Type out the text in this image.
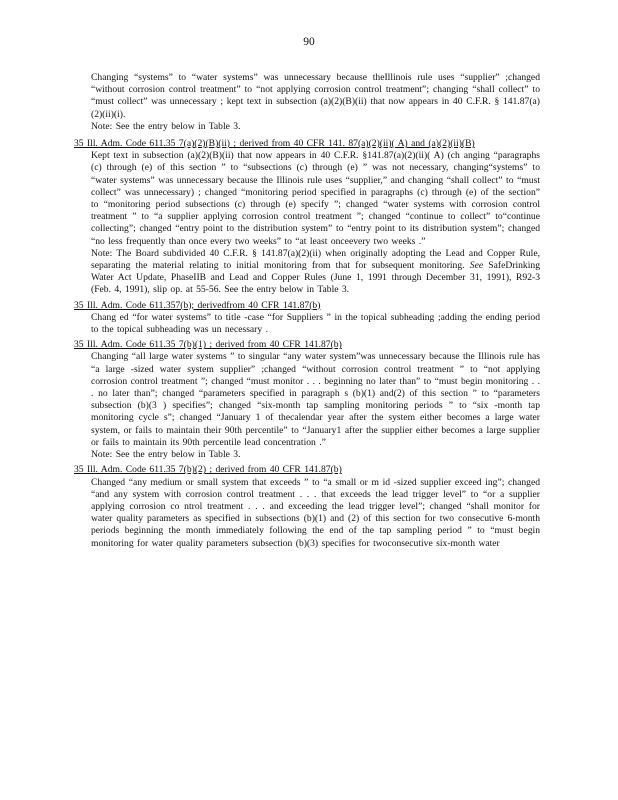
90

Changing “systems” to “water systems” was unnecessary because theIllinois rule uses “supplier” ;changed “without corrosion control treatment” to “not applying corrosion control treatment”; changing “shall collect” to “must collect” was unnecessary ; kept text in subsection (a)(2)(B)(ii) that now appears in 40 C.F.R. § 141.87(a)(2)(ii)(i).

Note: See the entry below in Table 3.

35 Ill. Adm. Code 611.35 7(a)(2)(B)(ii) ; derived from 40 CFR 141. 87(a)(2)(ii)( A) and (a)(2)(ii)(B)

Kept text in subsection (a)(2)(B)(ii) that now appears in 40 C.F.R. §141.87(a)(2)(ii)( A) (ch anging “paragraphs (c) through (e) of this section ” to “subsections (c) through (e) ” was not necessary, changing“systems” to “water systems” was unnecessary because the Illinois rule uses “supplier,” and changing “shall collect” to “must collect” was unnecessary) ; changed “monitoring period specified in paragraphs (c) through (e) of the section” to “monitoring period subsections (c) through (e) specify ”; changed “water systems with corrosion control treatment ” to “a supplier applying corrosion control treatment ”; changed “continue to collect” to“continue collecting”; changed “entry point to the distribution system” to “entry point to its distribution system”; changed “no less frequently than once every two weeks” to “at least onceevery two weeks .”

Note: The Board subdivided 40 C.F.R. § 141.87(a)(2)(ii) when originally adopting the Lead and Copper Rule, separating the material relating to initial monitoring from that for subsequent monitoring. See SafeDrinking Water Act Update, PhaseIIB and Lead and Copper Rules (June 1, 1991 through December 31, 1991), R92-3 (Feb. 4, 1991), slip op. at 55-56. See the entry below in Table 3.

35 Ill. Adm. Code 611.357(b); derivedfrom 40 CFR 141.87(b)

Chang ed “for water systems” to title -case “for Suppliers ” in the topical subheading ;adding the ending period to the topical subheading was un necessary .

35 Ill. Adm. Code 611.35 7(b)(1) ; derived from 40 CFR 141.87(b)

Changing “all large water systems ” to singular “any water system”was unnecessary because the Illinois rule has “a large -sized water system supplier” ;changed “without corrosion control treatment ” to “not applying corrosion control treatment ”; changed “must monitor . . . beginning no later than” to “must begin monitoring . . . no later than”; changed “parameters specified in paragraph s (b)(1) and(2) of this section ” to “parameters subsection (b)(3 ) specifies”; changed “six-month tap sampling monitoring periods ” to “six -month tap monitoring cycle s”; changed “January 1 of thecalendar year after the system either becomes a large water system, or fails to maintain their 90th percentile” to “January1 after the supplier either becomes a large supplier or fails to maintain its 90th percentile lead concentration .”

Note: See the entry below in Table 3.

35 Ill. Adm. Code 611.35 7(b)(2) ; derived from 40 CFR 141.87(b)

Changed “any medium or small system that exceeds ” to “a small or m id -sized supplier exceed ing”; changed “and any system with corrosion control treatment . . . that exceeds the lead trigger level” to “or a supplier applying corrosion co ntrol treatment . . . and exceeding the lead trigger level”; changed “shall monitor for water quality parameters as specified in subsections (b)(1) and (2) of this section for two consecutive 6-month periods beginning the month immediately following the end of the tap sampling period ” to “must begin monitoring for water quality parameters subsection (b)(3) specifies for twoconsecutive six-month water
